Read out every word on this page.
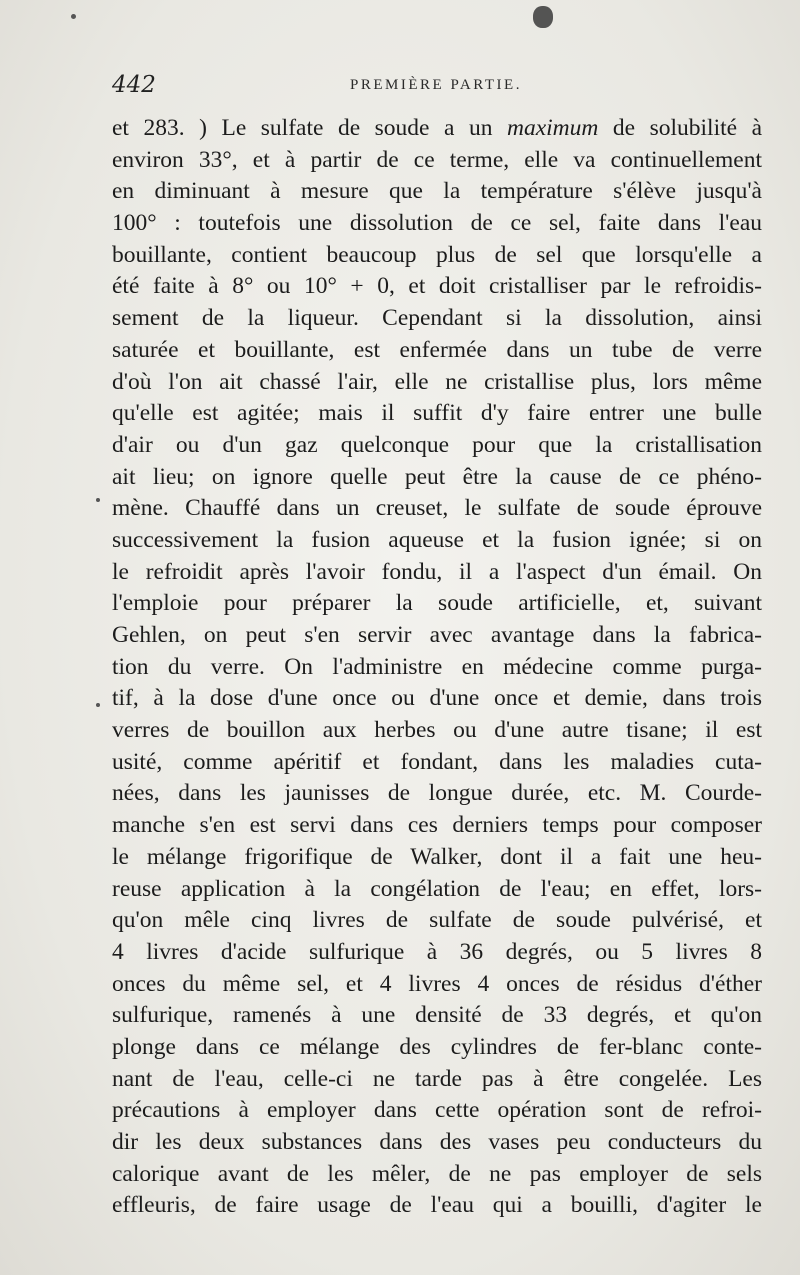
442	PREMIÈRE PARTIE.
et 283. ) Le sulfate de soude a un maximum de solubilité à
environ 33°, et à partir de ce terme, elle va continuellement
en diminuant à mesure que la température s'élève jusqu'à
100° : toutefois une dissolution de ce sel, faite dans l'eau
bouillante, contient beaucoup plus de sel que lorsqu'elle a
été faite à 8° ou 10° + 0, et doit cristalliser par le refroidis-
sement de la liqueur. Cependant si la dissolution, ainsi
saturée et bouillante, est enfermée dans un tube de verre
d'où l'on ait chassé l'air, elle ne cristallise plus, lors même
qu'elle est agitée; mais il suffit d'y faire entrer une bulle
d'air ou d'un gaz quelconque pour que la cristallisation
ait lieu; on ignore quelle peut être la cause de ce phéno-
mène. Chauffé dans un creuset, le sulfate de soude éprouve
successivement la fusion aqueuse et la fusion ignée; si on
le refroidit après l'avoir fondu, il a l'aspect d'un émail. On
l'emploie pour préparer la soude artificielle, et, suivant
Gehlen, on peut s'en servir avec avantage dans la fabrica-
tion du verre. On l'administre en médecine comme purga-
tif, à la dose d'une once ou d'une once et demie, dans trois
verres de bouillon aux herbes ou d'une autre tisane; il est
usité, comme apéritif et fondant, dans les maladies cuta-
nées, dans les jaunisses de longue durée, etc. M. Courde-
manche s'en est servi dans ces derniers temps pour composer
le mélange frigorifique de Walker, dont il a fait une heu-
reuse application à la congélation de l'eau; en effet, lors-
qu'on mêle cinq livres de sulfate de soude pulvérisé, et
4 livres d'acide sulfurique à 36 degrés, ou 5 livres 8
onces du même sel, et 4 livres 4 onces de résidus d'éther
sulfurique, ramenés à une densité de 33 degrés, et qu'on
plonge dans ce mélange des cylindres de fer-blanc conte-
nant de l'eau, celle-ci ne tarde pas à être congelée. Les
précautions à employer dans cette opération sont de refroi-
dir les deux substances dans des vases peu conducteurs du
calorique avant de les mêler, de ne pas employer de sels
effleuris, de faire usage de l'eau qui a bouilli, d'agiter le
